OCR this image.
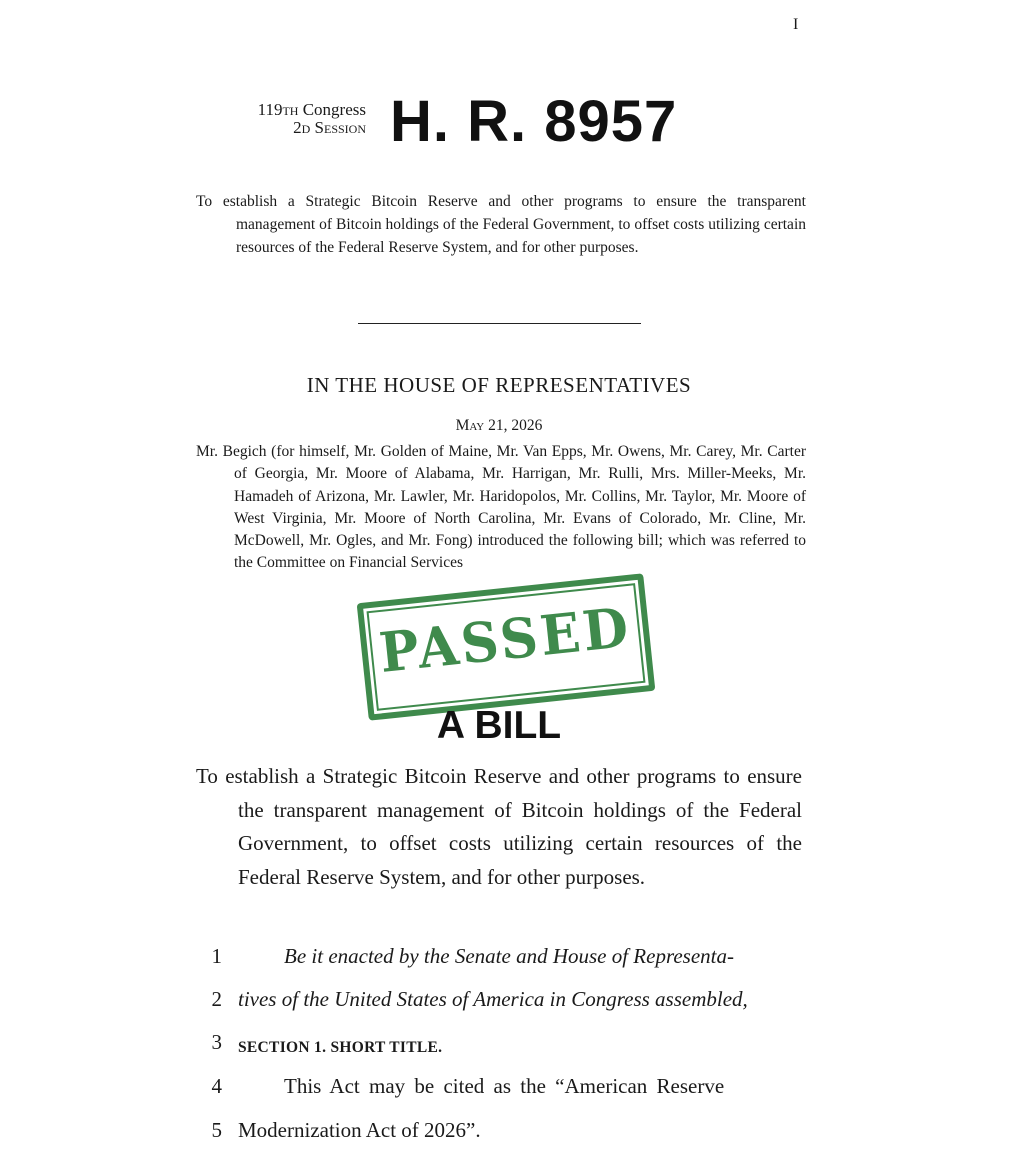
I
119th Congress
2d Session H. R. 8957
To establish a Strategic Bitcoin Reserve and other programs to ensure the transparent management of Bitcoin holdings of the Federal Government, to offset costs utilizing certain resources of the Federal Reserve System, and for other purposes.
IN THE HOUSE OF REPRESENTATIVES
May 21, 2026
Mr. Begich (for himself, Mr. Golden of Maine, Mr. Van Epps, Mr. Owens, Mr. Carey, Mr. Carter of Georgia, Mr. Moore of Alabama, Mr. Harrigan, Mr. Rulli, Mrs. Miller-Meeks, Mr. Hamadeh of Arizona, Mr. Lawler, Mr. Haridopolos, Mr. Collins, Mr. Taylor, Mr. Moore of West Virginia, Mr. Moore of North Carolina, Mr. Evans of Colorado, Mr. Cline, Mr. McDowell, Mr. Ogles, and Mr. Fong) introduced the following bill; which was referred to the Committee on Financial Services
PASSED
A BILL
To establish a Strategic Bitcoin Reserve and other programs to ensure the transparent management of Bitcoin holdings of the Federal Government, to offset costs utilizing certain resources of the Federal Reserve System, and for other purposes.
1	Be it enacted by the Senate and House of Representa-
2 tives of the United States of America in Congress assembled,
3 SECTION 1. SHORT TITLE.
4	This Act may be cited as the “American Reserve
5 Modernization Act of 2026”.
